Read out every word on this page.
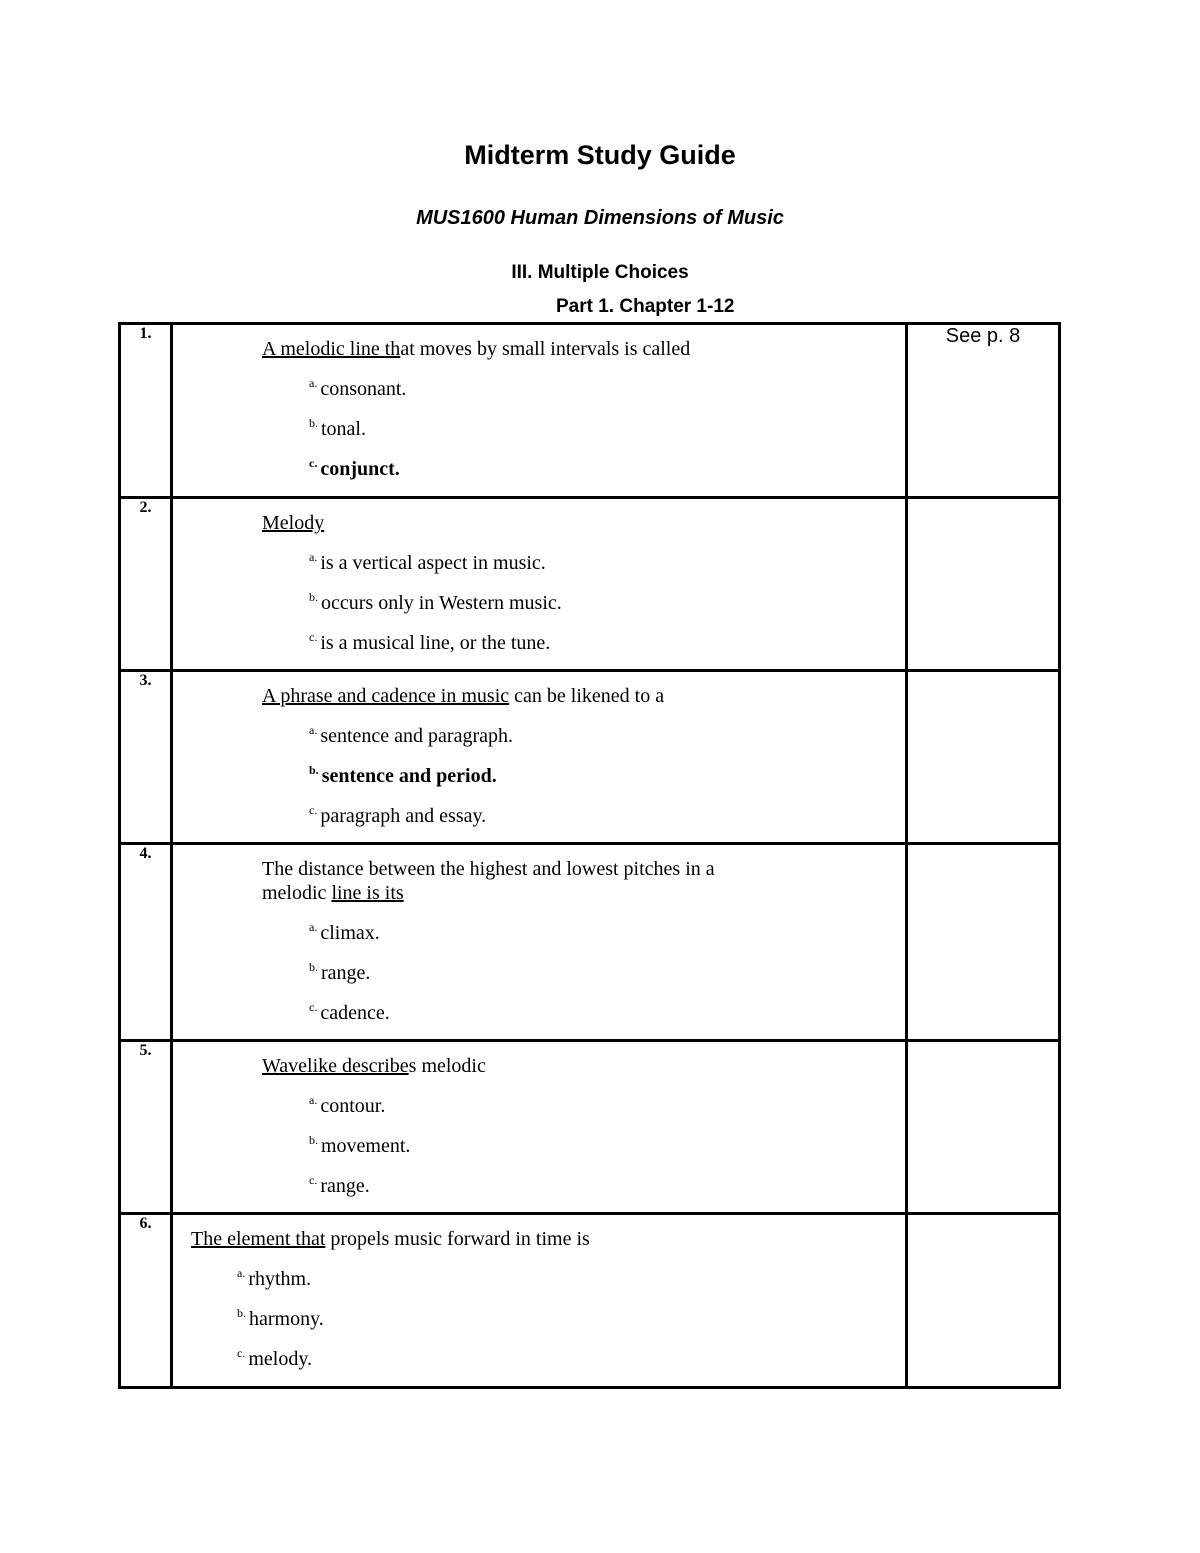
Midterm Study Guide
MUS1600 Human Dimensions of Music
III. Multiple Choices
Part 1. Chapter 1-12
1.	A melodic line that moves by small intervals is called
$^{a.}$ consonant.
$^{b.}$ tonal.
$^{c.}$ conjunct.	See p. 8
2.	Melody
$^{a.}$ is a vertical aspect in music.
$^{b.}$ occurs only in Western music.
$^{c.}$ is a musical line, or the tune.	

3.	A phrase and cadence in music can be likened to a
$^{a.}$ sentence and paragraph.
$^{b.}$ sentence and period.
$^{c.}$ paragraph and essay.	

4.	The distance between the highest and lowest pitches in a
melodic line is its
$^{a.}$ climax.
$^{b.}$ range.
$^{c.}$ cadence.	

5.	Wavelike describes melodic
$^{a.}$ contour.
$^{b.}$ movement.
$^{c.}$ range.	

6.	The element that propels music forward in time is
$^{a.}$ rhythm.
$^{b.}$ harmony.
$^{c.}$ melody.	
